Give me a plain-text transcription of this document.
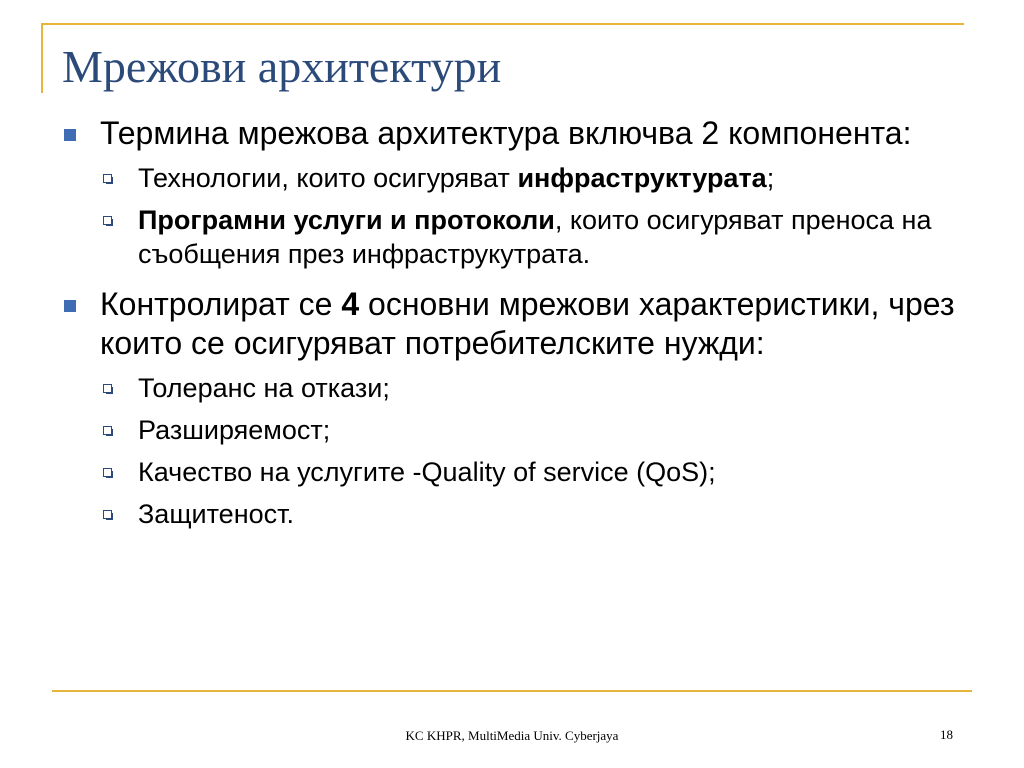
Мрежови архитектури
Термина мрежова архитектура включва 2 компонента:
Технологии, които осигуряват инфраструктурата;
Програмни услуги и протоколи, които осигуряват преноса на съобщения през инфраструкутрата.
Контролират се 4 основни мрежови характеристики, чрез които се осигуряват потребителските нужди:
Толеранс на откази;
Разширяемост;
Качество на услугите -Quality of service (QoS);
Защитеност.
KC KHPR, MultiMedia Univ. Cyberjaya	18
